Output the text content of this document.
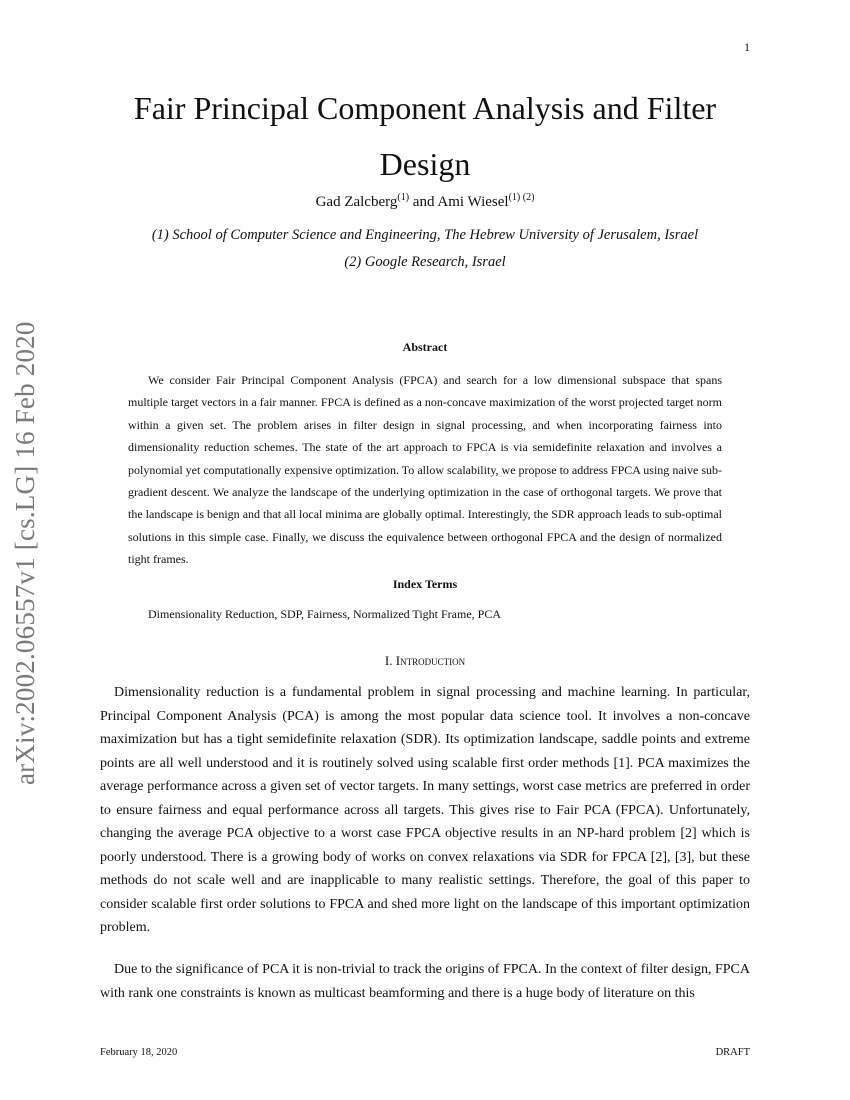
1
arXiv:2002.06557v1 [cs.LG] 16 Feb 2020
Fair Principal Component Analysis and Filter Design
Gad Zalcberg$^{(1)}$ and Ami Wiesel$^{(1) (2)}$
(1) School of Computer Science and Engineering, The Hebrew University of Jerusalem, Israel
(2) Google Research, Israel
Abstract

We consider Fair Principal Component Analysis (FPCA) and search for a low dimensional subspace that spans multiple target vectors in a fair manner. FPCA is defined as a non-concave maximization of the worst projected target norm within a given set. The problem arises in filter design in signal processing, and when incorporating fairness into dimensionality reduction schemes. The state of the art approach to FPCA is via semidefinite relaxation and involves a polynomial yet computationally expensive optimization. To allow scalability, we propose to address FPCA using naive sub-gradient descent. We analyze the landscape of the underlying optimization in the case of orthogonal targets. We prove that the landscape is benign and that all local minima are globally optimal. Interestingly, the SDR approach leads to sub-optimal solutions in this simple case. Finally, we discuss the equivalence between orthogonal FPCA and the design of normalized tight frames.

Index Terms
Dimensionality Reduction, SDP, Fairness, Normalized Tight Frame, PCA
I. Introduction

Dimensionality reduction is a fundamental problem in signal processing and machine learning. In particular, Principal Component Analysis (PCA) is among the most popular data science tool. It involves a non-concave maximization but has a tight semidefinite relaxation (SDR). Its optimization landscape, saddle points and extreme points are all well understood and it is routinely solved using scalable first order methods [1]. PCA maximizes the average performance across a given set of vector targets. In many settings, worst case metrics are preferred in order to ensure fairness and equal performance across all targets. This gives rise to Fair PCA (FPCA). Unfortunately, changing the average PCA objective to a worst case FPCA objective results in an NP-hard problem [2] which is poorly understood. There is a growing body of works on convex relaxations via SDR for FPCA [2], [3], but these methods do not scale well and are inapplicable to many realistic settings. Therefore, the goal of this paper to consider scalable first order solutions to FPCA and shed more light on the landscape of this important optimization problem.

Due to the significance of PCA it is non-trivial to track the origins of FPCA. In the context of filter design, FPCA with rank one constraints is known as multicast beamforming and there is a huge body of literature on this

February 18, 2020	DRAFT
